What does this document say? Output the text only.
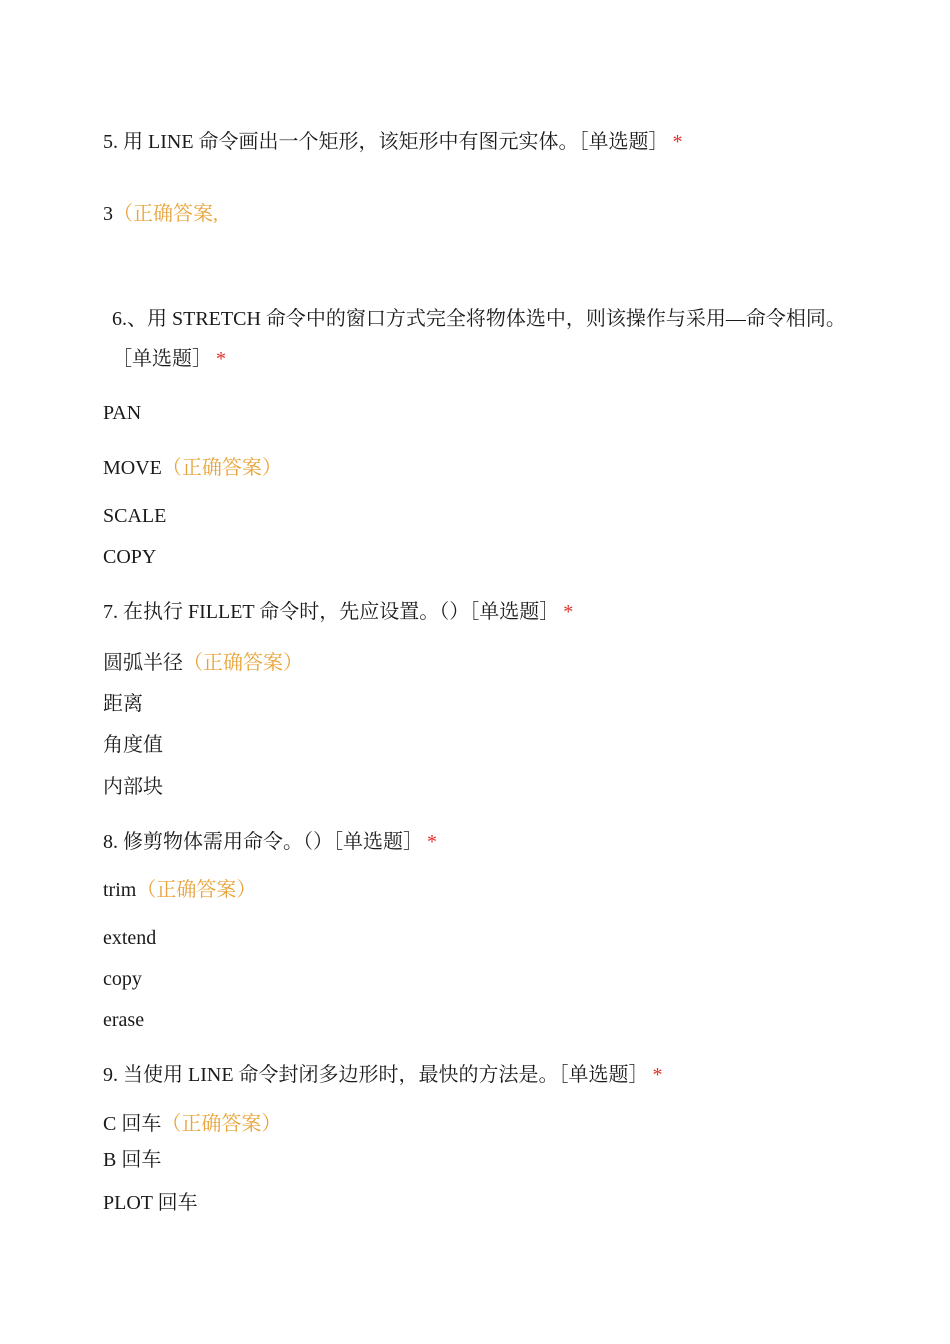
5. 用 LINE 命令画出一个矩形，该矩形中有图元实体。［单选题］ *
3（正确答案,
6.、用 STRETCH 命令中的窗口方式完全将物体选中，则该操作与采用—命令相同。
［单选题］ *
PAN
MOVE（正确答案）
SCALE
COPY
7. 在执行 FILLET 命令时，先应设置。（）［单选题］ *
圆弧半径（正确答案）
距离
角度值
内部块
8. 修剪物体需用命令。（）［单选题］ *
trim（正确答案）
extend
copy
erase
9. 当使用 LINE 命令封闭多边形时，最快的方法是。［单选题］ *
C 回车（正确答案）
B 回车
PLOT 回车
